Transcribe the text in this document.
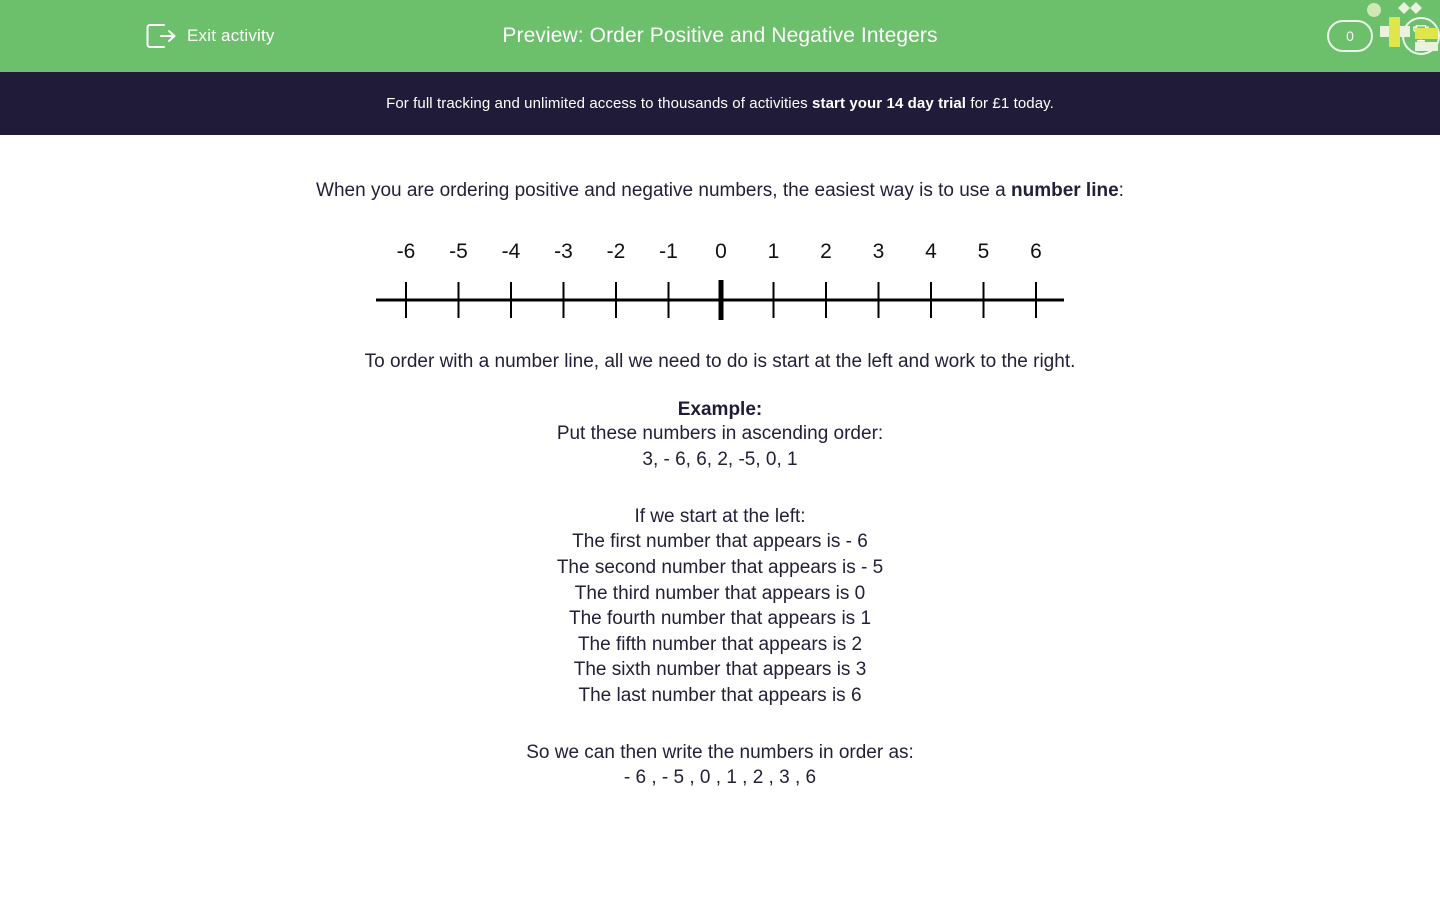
Exit activity	Preview: Order Positive and Negative Integers	0
For full tracking and unlimited access to thousands of activities start your 14 day trial for £1 today.

When you are ordering positive and negative numbers, the easiest way is to use a number line:

-6 -5 -4 -3 -2 -1 0 1 2 3 4 5 6

To order with a number line, all we need to do is start at the left and work to the right.

Example:
Put these numbers in ascending order:
3, - 6, 6, 2, -5, 0, 1
If we start at the left:
The first number that appears is - 6
The second number that appears is - 5
The third number that appears is 0
The fourth number that appears is 1
The fifth number that appears is 2
The sixth number that appears is 3
The last number that appears is 6
So we can then write the numbers in order as:
- 6 , - 5 , 0 , 1 , 2 , 3 , 6
